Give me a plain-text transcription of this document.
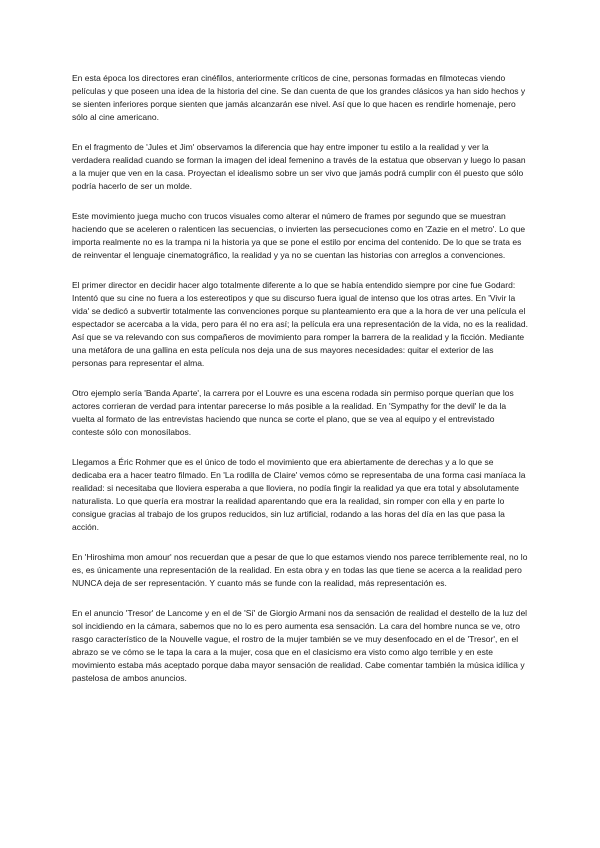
En esta época los directores eran cinéfilos, anteriormente críticos de cine, personas formadas en filmotecas viendo películas y que poseen una idea de la historia del cine. Se dan cuenta de que los grandes clásicos ya han sido hechos y se sienten inferiores porque sienten que jamás alcanzarán ese nivel. Así que lo que hacen es rendirle homenaje, pero sólo al cine americano.

En el fragmento de 'Jules et Jim' observamos la diferencia que hay entre imponer tu estilo a la realidad y ver la verdadera realidad cuando se forman la imagen del ideal femenino a través de la estatua que observan y luego lo pasan a la mujer que ven en la casa. Proyectan el idealismo sobre un ser vivo que jamás podrá cumplir con él puesto que sólo podría hacerlo de ser un molde.

Este movimiento juega mucho con trucos visuales como alterar el número de frames por segundo que se muestran haciendo que se aceleren o ralenticen las secuencias, o invierten las persecuciones como en 'Zazie en el metro'. Lo que importa realmente no es la trampa ni la historia ya que se pone el estilo por encima del contenido. De lo que se trata es de reinventar el lenguaje cinematográfico, la realidad y ya no se cuentan las historias con arreglos a convenciones.

El primer director en decidir hacer algo totalmente diferente a lo que se había entendido siempre por cine fue Godard: Intentó que su cine no fuera a los estereotipos y que su discurso fuera igual de intenso que los otras artes. En 'Vivir la vida' se dedicó a subvertir totalmente las convenciones porque su planteamiento era que a la hora de ver una película el espectador se acercaba a la vida, pero para él no era así; la película era una representación de la vida, no es la realidad. Así que se va relevando con sus compañeros de movimiento para romper la barrera de la realidad y la ficción. Mediante una metáfora de una gallina en esta película nos deja una de sus mayores necesidades: quitar el exterior de las personas para representar el alma.

Otro ejemplo sería 'Banda Aparte', la carrera por el Louvre es una escena rodada sin permiso porque querían que los actores corrieran de verdad para intentar parecerse lo más posible a la realidad. En 'Sympathy for the devil' le da la vuelta al formato de las entrevistas haciendo que nunca se corte el plano, que se vea al equipo y el entrevistado conteste sólo con monosílabos.

Llegamos a Éric Rohmer que es el único de todo el movimiento que era abiertamente de derechas y a lo que se dedicaba era a hacer teatro filmado. En 'La rodilla de Claire' vemos cómo se representaba de una forma casi maníaca la realidad: si necesitaba que lloviera esperaba a que lloviera, no podía fingir la realidad ya que era total y absolutamente naturalista. Lo que quería era mostrar la realidad aparentando que era la realidad, sin romper con ella y en parte lo consigue gracias al trabajo de los grupos reducidos, sin luz artificial, rodando a las horas del día en las que pasa la acción.

En 'Hiroshima mon amour' nos recuerdan que a pesar de que lo que estamos viendo nos parece terriblemente real, no lo es, es únicamente una representación de la realidad. En esta obra y en todas las que tiene se acerca a la realidad pero NUNCA deja de ser representación. Y cuanto más se funde con la realidad, más representación es.

En el anuncio 'Tresor' de Lancome y en el de 'Sí' de Giorgio Armani nos da sensación de realidad el destello de la luz del sol incidiendo en la cámara, sabemos que no lo es pero aumenta esa sensación. La cara del hombre nunca se ve, otro rasgo característico de la Nouvelle vague, el rostro de la mujer también se ve muy desenfocado en el de 'Tresor', en el abrazo se ve cómo se le tapa la cara a la mujer, cosa que en el clasicismo era visto como algo terrible y en este movimiento estaba más aceptado porque daba mayor sensación de realidad. Cabe comentar también la música idílica y pastelosa de ambos anuncios.
